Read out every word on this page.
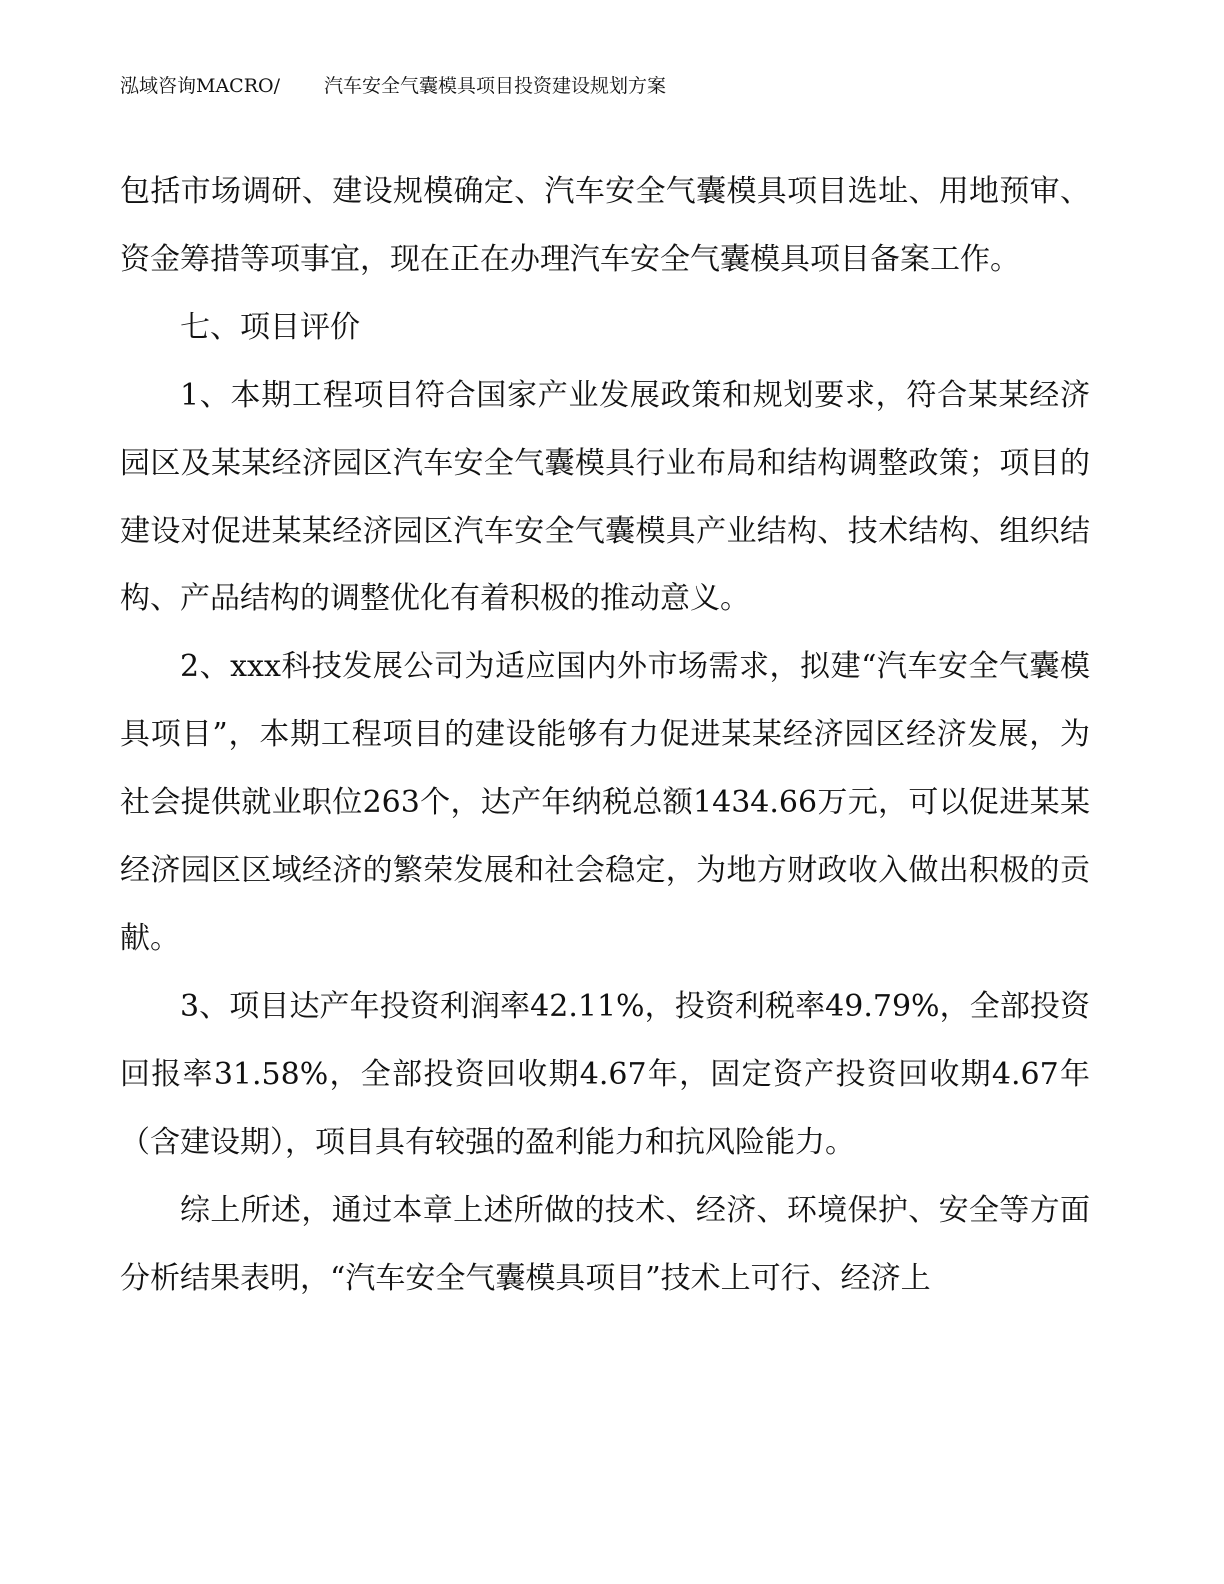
泓域咨询MACRO/ 汽车安全气囊模具项目投资建设规划方案

包括市场调研、建设规模确定、汽车安全气囊模具项目选址、用地预审、资金筹措等项事宜，现在正在办理汽车安全气囊模具项目备案工作。

七、项目评价

1、本期工程项目符合国家产业发展政策和规划要求，符合某某经济园区及某某经济园区汽车安全气囊模具行业布局和结构调整政策；项目的建设对促进某某经济园区汽车安全气囊模具产业结构、技术结构、组织结构、产品结构的调整优化有着积极的推动意义。

2、xxx科技发展公司为适应国内外市场需求，拟建“汽车安全气囊模具项目”，本期工程项目的建设能够有力促进某某经济园区经济发展，为社会提供就业职位263个，达产年纳税总额1434.66万元，可以促进某某经济园区区域经济的繁荣发展和社会稳定，为地方财政收入做出积极的贡献。

3、项目达产年投资利润率42.11%，投资利税率49.79%，全部投资回报率31.58%，全部投资回收期4.67年，固定资产投资回收期4.67年（含建设期），项目具有较强的盈利能力和抗风险能力。

综上所述，通过本章上述所做的技术、经济、环境保护、安全等方面分析结果表明，“汽车安全气囊模具项目”技术上可行、经济上
